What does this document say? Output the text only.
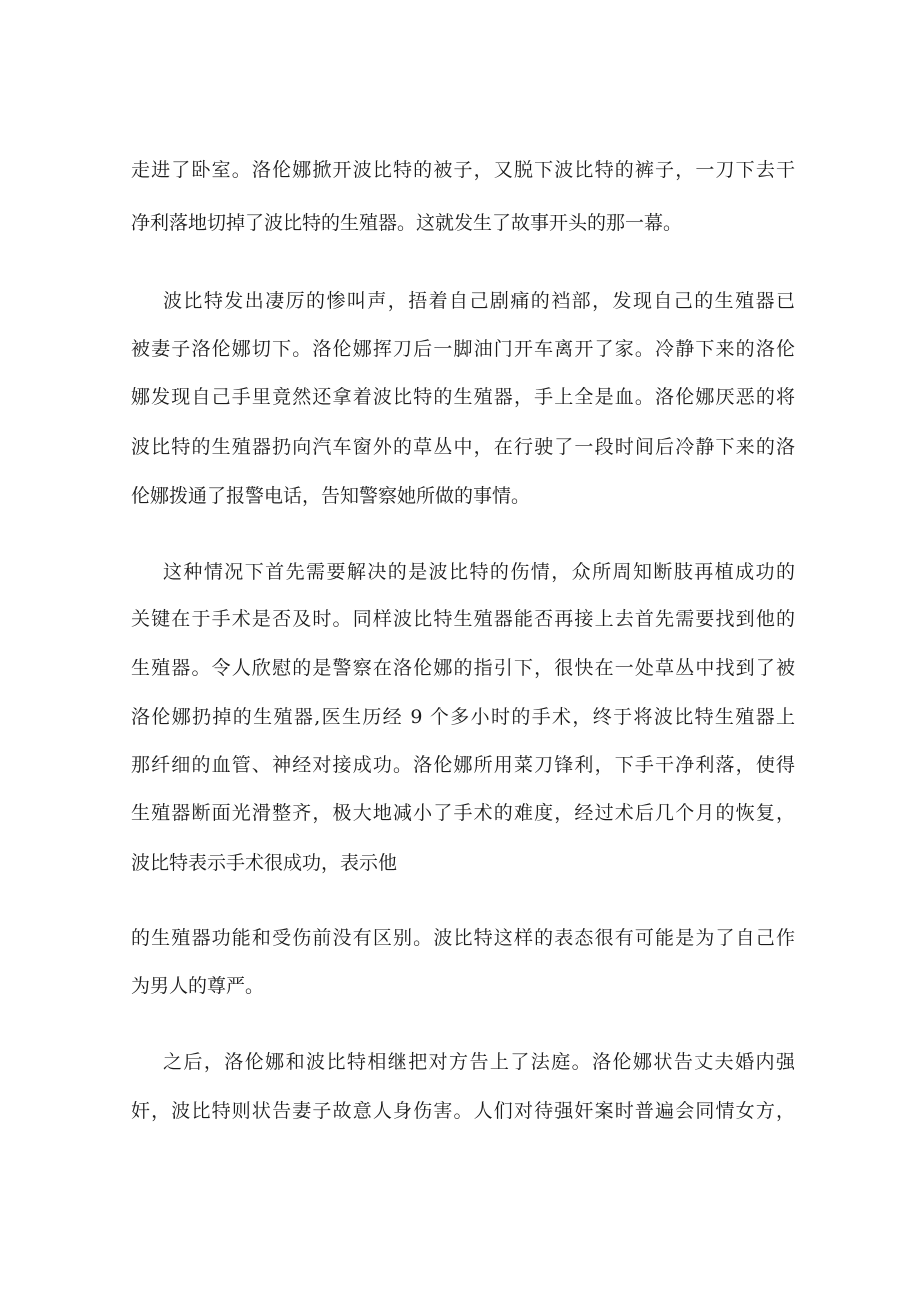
走进了卧室。洛伦娜掀开波比特的被子，又脱下波比特的裤子，一刀下去干
净利落地切掉了波比特的生殖器。这就发生了故事开头的那一幕。
波比特发出凄厉的惨叫声，捂着自己剧痛的裆部，发现自己的生殖器已
被妻子洛伦娜切下。洛伦娜挥刀后一脚油门开车离开了家。冷静下来的洛伦
娜发现自己手里竟然还拿着波比特的生殖器，手上全是血。洛伦娜厌恶的将
波比特的生殖器扔向汽车窗外的草丛中，在行驶了一段时间后冷静下来的洛
伦娜拨通了报警电话，告知警察她所做的事情。
这种情况下首先需要解决的是波比特的伤情，众所周知断肢再植成功的
关键在于手术是否及时。同样波比特生殖器能否再接上去首先需要找到他的
生殖器。令人欣慰的是警察在洛伦娜的指引下，很快在一处草丛中找到了被
洛伦娜扔掉的生殖器,医生历经 9 个多小时的手术，终于将波比特生殖器上
那纤细的血管、神经对接成功。洛伦娜所用菜刀锋利，下手干净利落，使得
生殖器断面光滑整齐，极大地减小了手术的难度，经过术后几个月的恢复，
波比特表示手术很成功，表示他
的生殖器功能和受伤前没有区别。波比特这样的表态很有可能是为了自己作
为男人的尊严。
之后，洛伦娜和波比特相继把对方告上了法庭。洛伦娜状告丈夫婚内强
奸，波比特则状告妻子故意人身伤害。人们对待强奸案时普遍会同情女方，
